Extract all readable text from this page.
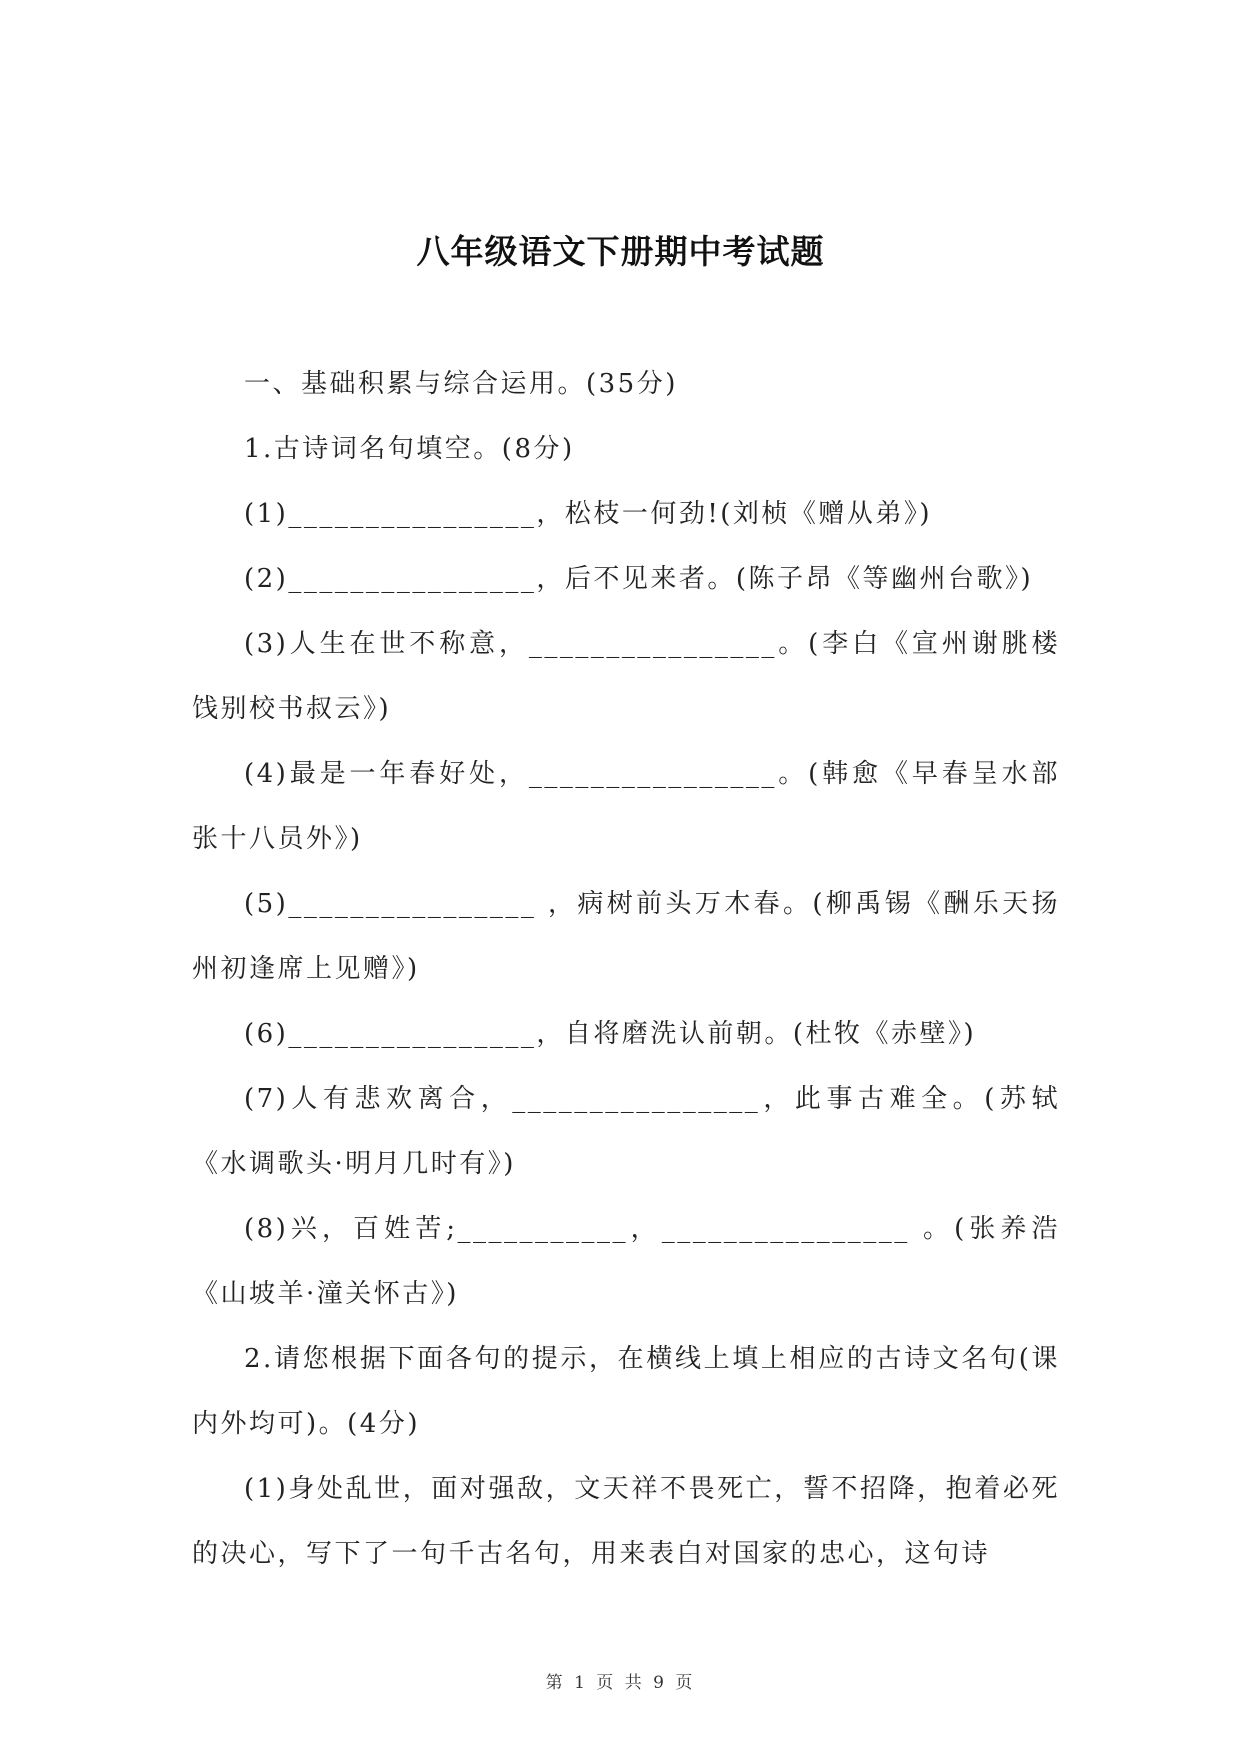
八年级语文下册期中考试题

一、基础积累与综合运用。(35分)

1.古诗词名句填空。(8分)

(1)________________，松枝一何劲!(刘桢《赠从弟》)

(2)________________，后不见来者。(陈子昂《等幽州台歌》)

(3)人生在世不称意，________________。(李白《宣州谢朓楼饯别校书叔云》)

(4)最是一年春好处，________________。(韩愈《早春呈水部张十八员外》)

(5)________________ ，病树前头万木春。(柳禹锡《酬乐天扬州初逢席上见赠》)

(6)________________，自将磨洗认前朝。(杜牧《赤壁》)

(7)人有悲欢离合，________________，此事古难全。(苏轼《水调歌头·明月几时有》)

(8)兴，百姓苦;___________，________________ 。(张养浩《山坡羊·潼关怀古》)

2.请您根据下面各句的提示，在横线上填上相应的古诗文名句(课内外均可)。(4分)

(1)身处乱世，面对强敌，文天祥不畏死亡，誓不招降，抱着必死的决心，写下了一句千古名句，用来表白对国家的忠心，这句诗

第 1 页 共 9 页
